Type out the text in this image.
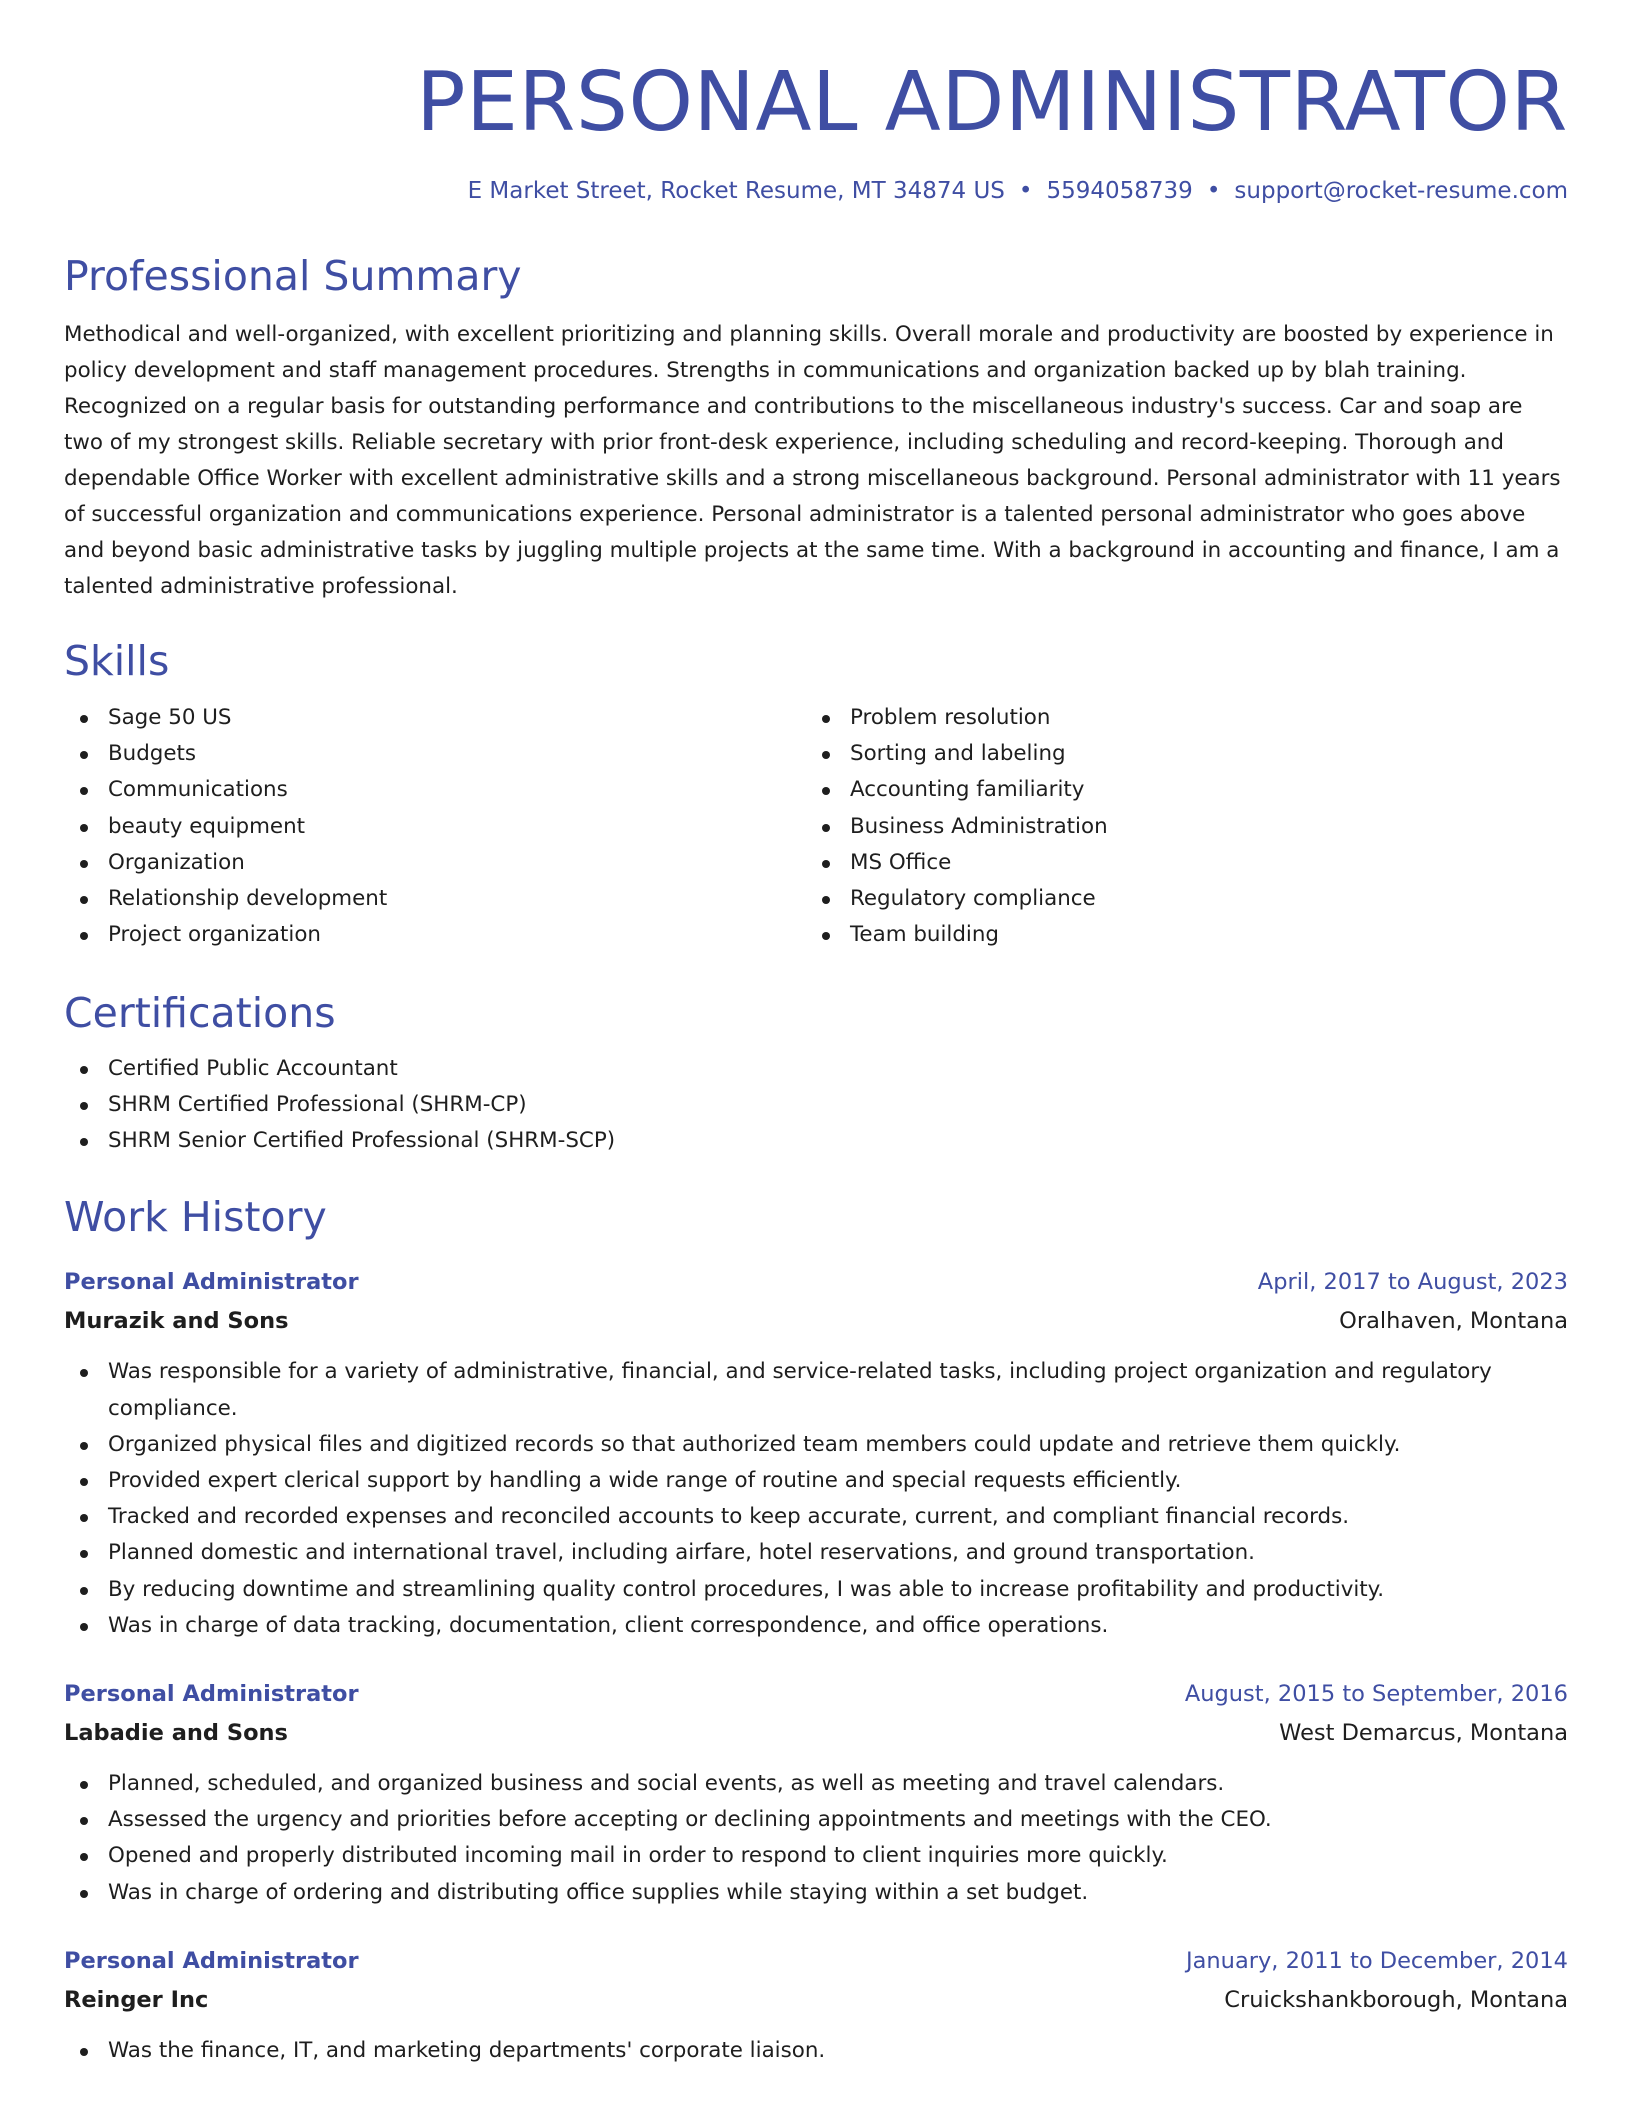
PERSONAL ADMINISTRATOR
E Market Street, Rocket Resume, MT 34874 US • 5594058739 • support@rocket-resume.com
Professional Summary

Methodical and well-organized, with excellent prioritizing and planning skills. Overall morale and productivity are boosted by experience in policy development and staff management procedures. Strengths in communications and organization backed up by blah training. Recognized on a regular basis for outstanding performance and contributions to the miscellaneous industry's success. Car and soap are two of my strongest skills. Reliable secretary with prior front-desk experience, including scheduling and record-keeping. Thorough and dependable Office Worker with excellent administrative skills and a strong miscellaneous background. Personal administrator with 11 years of successful organization and communications experience. Personal administrator is a talented personal administrator who goes above and beyond basic administrative tasks by juggling multiple projects at the same time. With a background in accounting and finance, I am a talented administrative professional.

Skills
Sage 50 US
Budgets
Communications
beauty equipment
Organization
Relationship development
Project organization
Problem resolution
Sorting and labeling
Accounting familiarity
Business Administration
MS Office
Regulatory compliance
Team building
Certifications
Certified Public Accountant
SHRM Certified Professional (SHRM-CP)
SHRM Senior Certified Professional (SHRM-SCP)
Work History
Personal Administrator	April, 2017 to August, 2023
Murazik and Sons	Oralhaven, Montana
Was responsible for a variety of administrative, financial, and service-related tasks, including project organization and regulatory compliance.
Organized physical files and digitized records so that authorized team members could update and retrieve them quickly.
Provided expert clerical support by handling a wide range of routine and special requests efficiently.
Tracked and recorded expenses and reconciled accounts to keep accurate, current, and compliant financial records.
Planned domestic and international travel, including airfare, hotel reservations, and ground transportation.
By reducing downtime and streamlining quality control procedures, I was able to increase profitability and productivity.
Was in charge of data tracking, documentation, client correspondence, and office operations.
Personal Administrator	August, 2015 to September, 2016
Labadie and Sons	West Demarcus, Montana
Planned, scheduled, and organized business and social events, as well as meeting and travel calendars.
Assessed the urgency and priorities before accepting or declining appointments and meetings with the CEO.
Opened and properly distributed incoming mail in order to respond to client inquiries more quickly.
Was in charge of ordering and distributing office supplies while staying within a set budget.
Personal Administrator	January, 2011 to December, 2014
Reinger Inc	Cruickshankborough, Montana
Was the finance, IT, and marketing departments' corporate liaison.
